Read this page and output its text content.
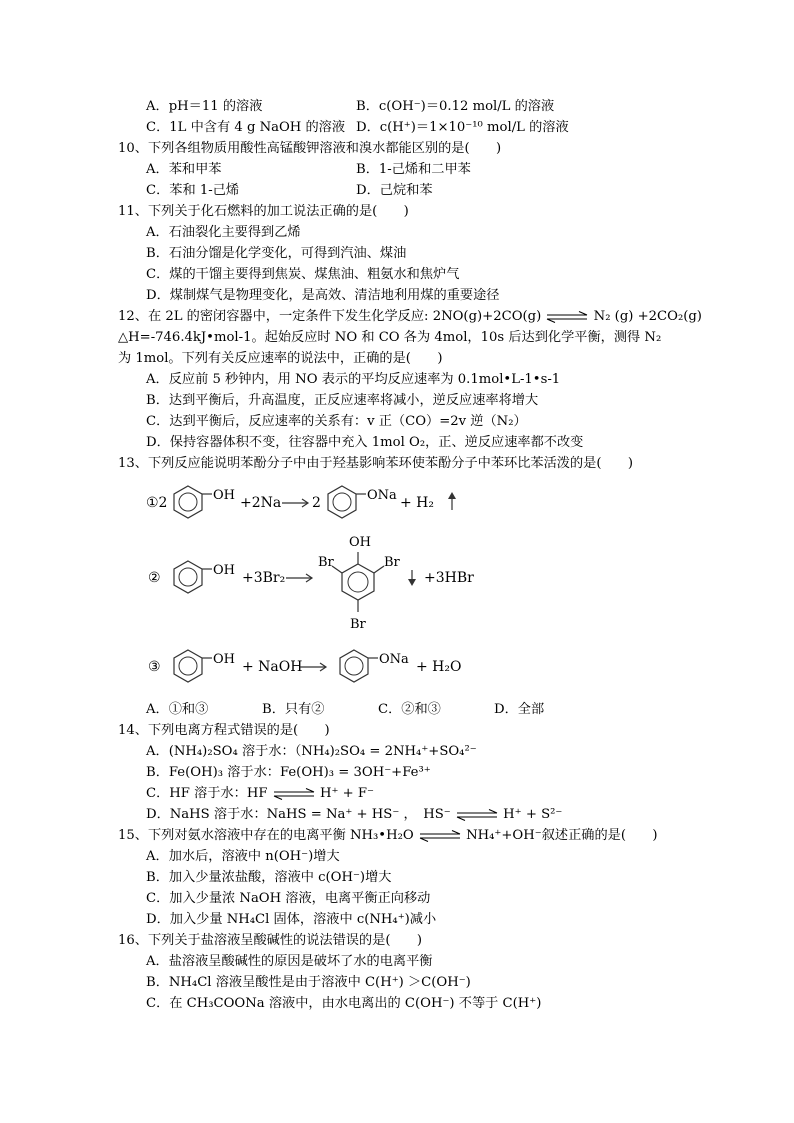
A．pH＝11 的溶液	B．c(OH⁻)＝0.12 mol/L 的溶液
C．1L 中含有 4 g NaOH 的溶液 D．c(H⁺)＝1×10⁻¹⁰ mol/L 的溶液
10、下列各组物质用酸性高锰酸钾溶液和溴水都能区别的是(　　)
A．苯和甲苯	B．1-己烯和二甲苯
C．苯和 1-己烯	D．己烷和苯
11、下列关于化石燃料的加工说法正确的是(　　)
A．石油裂化主要得到乙烯
B．石油分馏是化学变化，可得到汽油、煤油
C．煤的干馏主要得到焦炭、煤焦油、粗氨水和焦炉气
D．煤制煤气是物理变化，是高效、清洁地利用煤的重要途径
12、在 2L 的密闭容器中，一定条件下发生化学反应: 2NO(g)+2CO(g) ⇌ N₂ (g) +2CO₂(g)
△H=-746.4kJ•mol-1。起始反应时 NO 和 CO 各为 4mol，10s 后达到化学平衡，测得 N₂
为 1mol。下列有关反应速率的说法中，正确的是(　　)
A．反应前 5 秒钟内，用 NO 表示的平均反应速率为 0.1mol•L-1•s-1
B．达到平衡后，升高温度，正反应速率将减小，逆反应速率将增大
C．达到平衡后，反应速率的关系有：v 正（CO）=2v 逆（N₂）
D．保持容器体积不变，往容器中充入 1mol O₂，正、逆反应速率都不改变
13、下列反应能说明苯酚分子中由于羟基影响苯环使苯酚分子中苯环比苯活泼的是(　　)
①2	OH +2Na 2	ONa + H₂
②	OH +3Br₂
OH
Br	Br
Br
+3HBr
③	OH + NaOH	ONa + H₂O
A．①和③	B．只有②	C．②和③	D．全部
14、下列电离方程式错误的是(　　)
A．(NH₄)₂SO₄ 溶于水：（NH₄)₂SO₄ = 2NH₄⁺+SO₄²⁻
B．Fe(OH)₃ 溶于水：Fe(OH)₃ = 3OH⁻+Fe³⁺
C．HF 溶于水：HF ⇌ H⁺ + F⁻
D．NaHS 溶于水：NaHS = Na⁺ + HS⁻ ，　HS⁻ ⇌ H⁺ + S²⁻
15、下列对氨水溶液中存在的电离平衡 NH₃•H₂O ⇌ NH₄⁺+OH⁻叙述正确的是(　　)
A．加水后，溶液中 n(OH⁻)增大
B．加入少量浓盐酸，溶液中 c(OH⁻)增大
C．加入少量浓 NaOH 溶液，电离平衡正向移动
D．加入少量 NH₄Cl 固体，溶液中 c(NH₄⁺)减小
16、下列关于盐溶液呈酸碱性的说法错误的是(　　)
A．盐溶液呈酸碱性的原因是破坏了水的电离平衡
B．NH₄Cl 溶液呈酸性是由于溶液中 C(H⁺) ＞C(OH⁻)
C．在 CH₃COONa 溶液中，由水电离出的 C(OH⁻) 不等于 C(H⁺)
